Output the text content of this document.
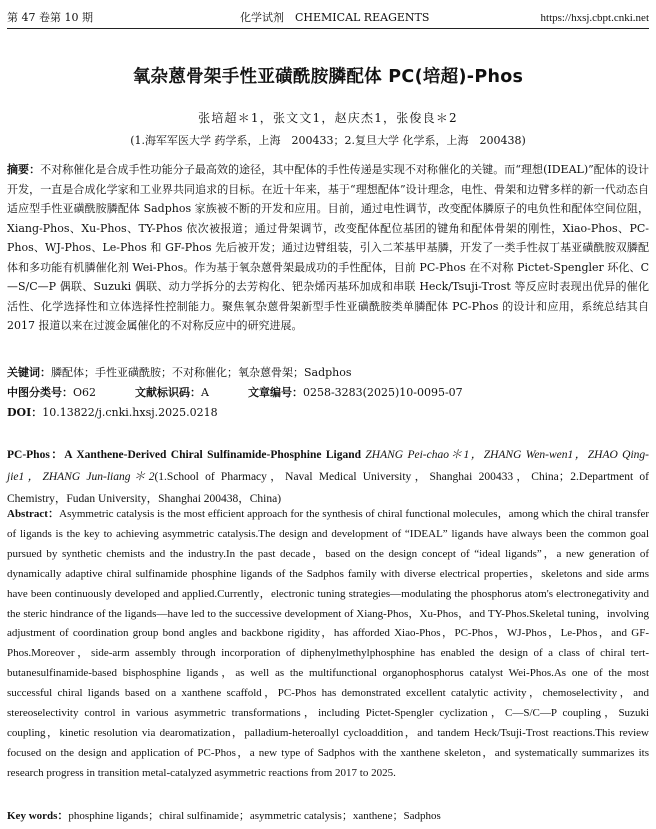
第 47 卷第 10 期	化学试剂　CHEMICAL REAGENTS	https://hxsj.cbpt.cnki.net
氧杂蒽骨架手性亚磺酰胺膦配体 PC(培超)-Phos
张培超＊1，张文文1，赵庆杰1，张俊良＊2
(1.海军军医大学 药学系，上海　200433；2.复旦大学 化学系，上海　200438)
摘要：不对称催化是合成手性功能分子最高效的途径，其中配体的手性传递是实现不对称催化的关键。而“理想(IDEAL)”配体的设计开发，一直是合成化学家和工业界共同追求的目标。在近十年来，基于“理想配体”设计理念，电性、骨架和边臂多样的新一代动态自适应型手性亚磺酰胺膦配体 Sadphos 家族被不断的开发和应用。目前，通过电性调节，改变配体膦原子的电负性和配体空间位阻，Xiang-Phos、Xu-Phos、TY-Phos 依次被报道；通过骨架调节，改变配体配位基团的键角和配体骨架的刚性，Xiao-Phos、PC-Phos、WJ-Phos、Le-Phos 和 GF-Phos 先后被开发；通过边臂组装，引入二苯基甲基膦，开发了一类手性叔丁基亚磺酰胺双膦配体和多功能有机膦催化剂 Wei-Phos。作为基于氧杂蒽骨架最成功的手性配体，目前 PC-Phos 在不对称 Pictet-Spengler 环化、C—S/C—P 偶联、Suzuki 偶联、动力学拆分的去芳构化、钯杂烯丙基环加成和串联 Heck/Tsuji-Trost 等反应时表现出优异的催化活性、化学选择性和立体选择性控制能力。聚焦氧杂蒽骨架新型手性亚磺酰胺类单膦配体 PC-Phos 的设计和应用，系统总结其自 2017 报道以来在过渡金属催化的不对称反应中的研究进展。
关键词：膦配体；手性亚磺酰胺；不对称催化；氧杂蒽骨架；Sadphos
中图分类号：O62	文献标识码：A	文章编号：0258-3283(2025)10-0095-07
DOI：10.13822/j.cnki.hxsj.2025.0218
PC-Phos：A Xanthene-Derived Chiral Sulfinamide-Phosphine Ligand ZHANG Pei-chao＊1，ZHANG Wen-wen1，ZHAO Qing-jie1，ZHANG Jun-liang＊2(1.School of Pharmacy，Naval Medical University，Shanghai 200433，China；2.Department of Chemistry，Fudan University，Shanghai 200438，China)
Abstract：Asymmetric catalysis is the most efficient approach for the synthesis of chiral functional molecules，among which the chiral transfer of ligands is the key to achieving asymmetric catalysis.The design and development of “IDEAL” ligands have always been the common goal pursued by synthetic chemists and the industry.In the past decade，based on the design concept of “ideal ligands”，a new generation of dynamically adaptive chiral sulfinamide phosphine ligands of the Sadphos family with diverse electrical properties，skeletons and side arms have been continuously developed and applied.Currently，electronic tuning strategies—modulating the phosphorus atom's electronegativity and the steric hindrance of the ligands—have led to the successive development of Xiang-Phos，Xu-Phos，and TY-Phos.Skeletal tuning，involving adjustment of coordination group bond angles and backbone rigidity，has afforded Xiao-Phos，PC-Phos，WJ-Phos，Le-Phos，and GF-Phos.Moreover，side-arm assembly through incorporation of diphenylmethylphosphine has enabled the design of a class of chiral tert-butanesulfinamide-based bisphosphine ligands，as well as the multifunctional organophosphorus catalyst Wei-Phos.As one of the most successful chiral ligands based on a xanthene scaffold，PC-Phos has demonstrated excellent catalytic activity，chemoselectivity，and stereoselectivity control in various asymmetric transformations，including Pictet-Spengler cyclization，C—S/C—P coupling，Suzuki coupling，kinetic resolution via dearomatization，palladium-heteroallyl cycloaddition，and tandem Heck/Tsuji-Trost reactions.This review focused on the design and application of PC-Phos，a new type of Sadphos with the xanthene skeleton，and systematically summarizes its research progress in transition metal-catalyzed asymmetric reactions from 2017 to 2025.
Key words：phosphine ligands；chiral sulfinamide；asymmetric catalysis；xanthene；Sadphos
